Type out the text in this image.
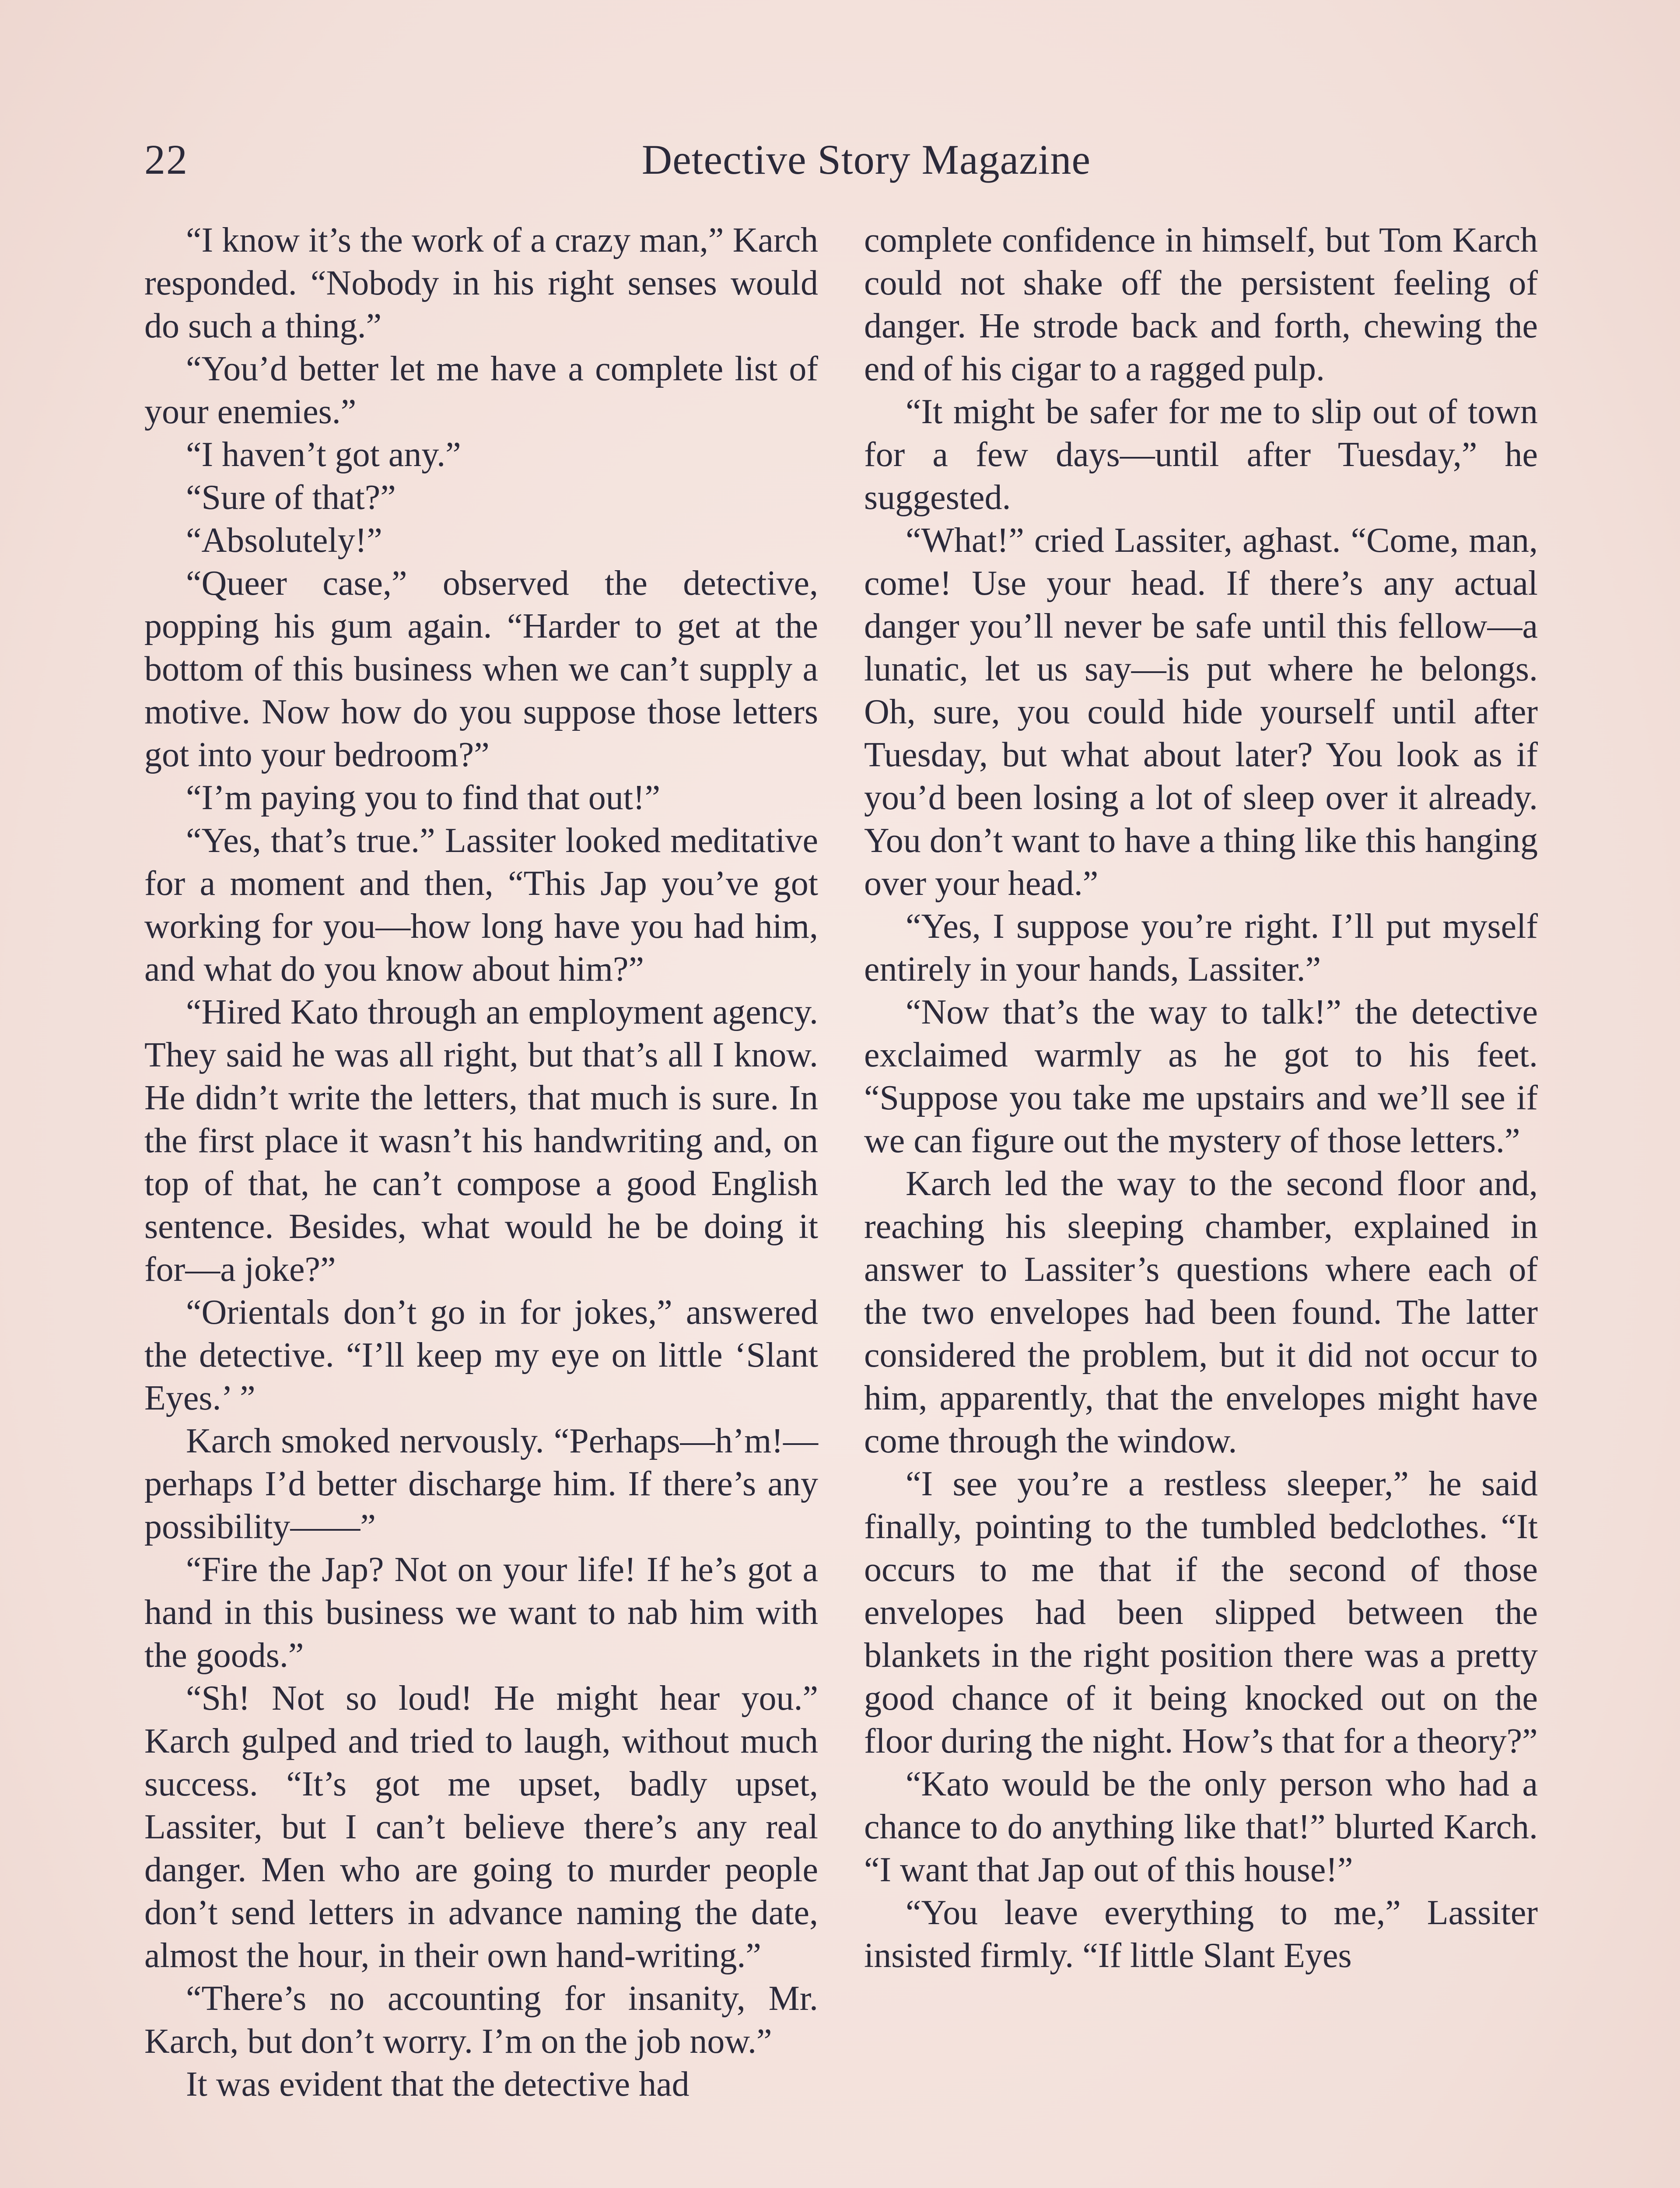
22	Detective Story Magazine

“I know it’s the work of a crazy man,” Karch responded. “Nobody in his right senses would do such a thing.”

“You’d better let me have a complete list of your enemies.”

“I haven’t got any.”

“Sure of that?”

“Absolutely!”

“Queer case,” observed the detective, popping his gum again. “Harder to get at the bottom of this business when we can’t supply a motive. Now how do you suppose those letters got into your bedroom?”

“I’m paying you to find that out!”

“Yes, that’s true.” Lassiter looked meditative for a moment and then, “This Jap you’ve got working for you—how long have you had him, and what do you know about him?”

“Hired Kato through an employment agency. They said he was all right, but that’s all I know. He didn’t write the letters, that much is sure. In the first place it wasn’t his handwriting and, on top of that, he can’t compose a good English sentence. Besides, what would he be doing it for—a joke?”

“Orientals don’t go in for jokes,” answered the detective. “I’ll keep my eye on little ‘Slant Eyes.’ ”

Karch smoked nervously. “Perhaps—h’m!—perhaps I’d better discharge him. If there’s any possibility——”

“Fire the Jap? Not on your life! If he’s got a hand in this business we want to nab him with the goods.”

“Sh! Not so loud! He might hear you.” Karch gulped and tried to laugh, without much success. “It’s got me upset, badly upset, Lassiter, but I can’t believe there’s any real danger. Men who are going to murder people don’t send letters in advance naming the date, almost the hour, in their own hand-writing.”

“There’s no accounting for insanity, Mr. Karch, but don’t worry. I’m on the job now.”

It was evident that the detective had

complete confidence in himself, but Tom Karch could not shake off the persistent feeling of danger. He strode back and forth, chewing the end of his cigar to a ragged pulp.

“It might be safer for me to slip out of town for a few days—until after Tuesday,” he suggested.

“What!” cried Lassiter, aghast. “Come, man, come! Use your head. If there’s any actual danger you’ll never be safe until this fellow—a lunatic, let us say—is put where he belongs. Oh, sure, you could hide yourself until after Tuesday, but what about later? You look as if you’d been losing a lot of sleep over it already. You don’t want to have a thing like this hanging over your head.”

“Yes, I suppose you’re right. I’ll put myself entirely in your hands, Lassiter.”

“Now that’s the way to talk!” the detective exclaimed warmly as he got to his feet. “Suppose you take me upstairs and we’ll see if we can figure out the mystery of those letters.”

Karch led the way to the second floor and, reaching his sleeping chamber, explained in answer to Lassiter’s questions where each of the two envelopes had been found. The latter considered the problem, but it did not occur to him, apparently, that the envelopes might have come through the window.

“I see you’re a restless sleeper,” he said finally, pointing to the tumbled bedclothes. “It occurs to me that if the second of those envelopes had been slipped between the blankets in the right position there was a pretty good chance of it being knocked out on the floor during the night. How’s that for a theory?”

“Kato would be the only person who had a chance to do anything like that!” blurted Karch. “I want that Jap out of this house!”

“You leave everything to me,” Lassiter insisted firmly. “If little Slant Eyes
